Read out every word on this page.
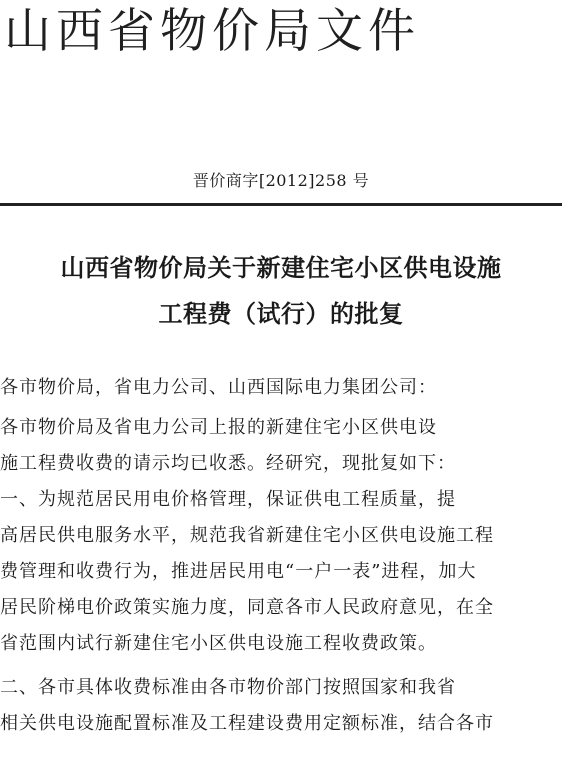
山西省物价局文件
晋价商字[2012]258 号
山西省物价局关于新建住宅小区供电设施
工程费（试行）的批复
各市物价局，省电力公司、山西国际电力集团公司：
各市物价局及省电力公司上报的新建住宅小区供电设
施工程费收费的请示均已收悉。经研究，现批复如下：
一、为规范居民用电价格管理，保证供电工程质量，提
高居民供电服务水平，规范我省新建住宅小区供电设施工程
费管理和收费行为，推进居民用电“一户一表”进程，加大
居民阶梯电价政策实施力度，同意各市人民政府意见，在全
省范围内试行新建住宅小区供电设施工程收费政策。
二、各市具体收费标准由各市物价部门按照国家和我省
相关供电设施配置标准及工程建设费用定额标准，结合各市
